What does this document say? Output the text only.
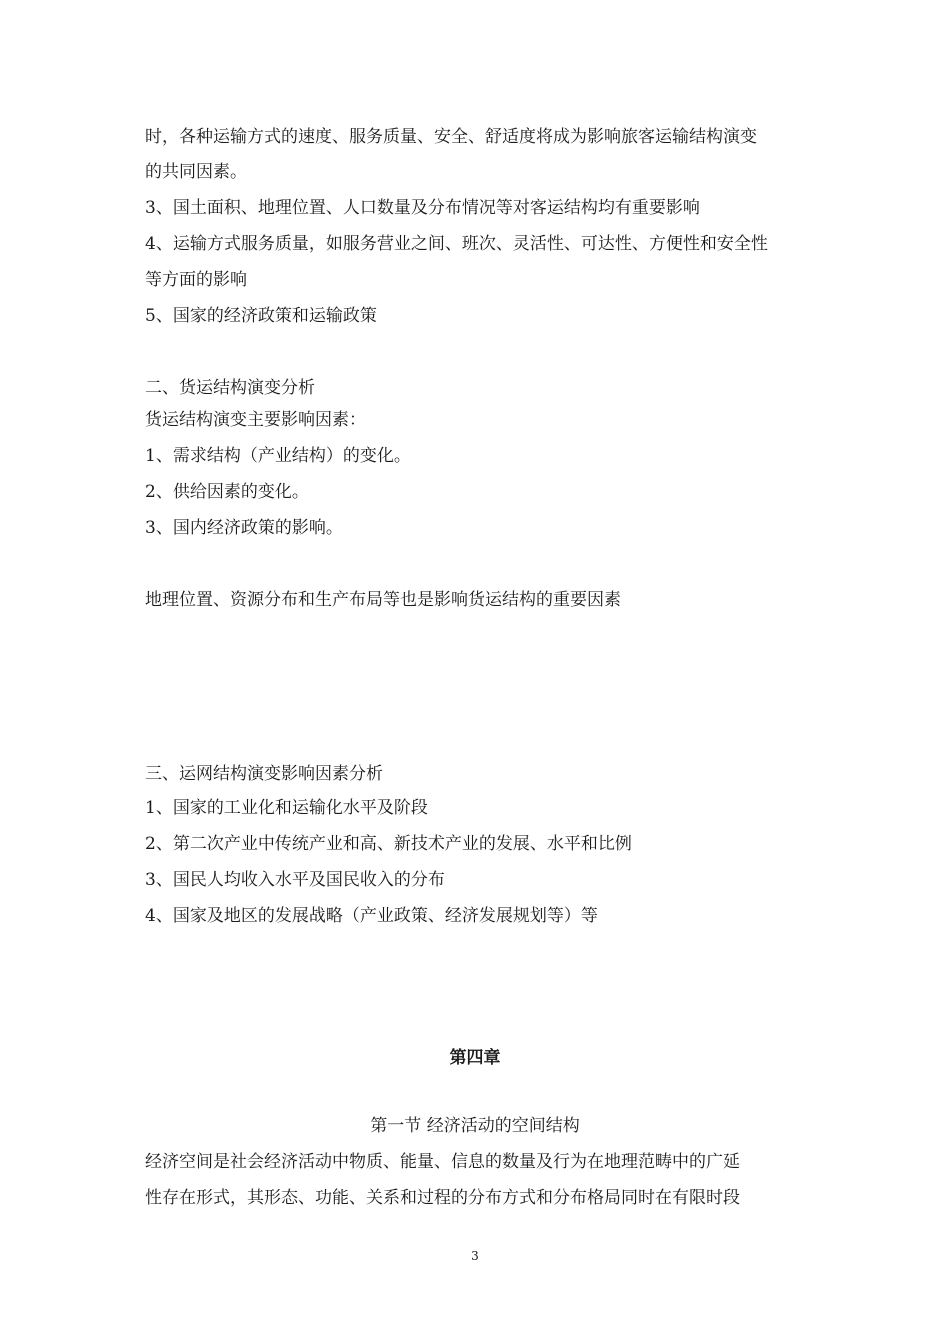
时，各种运输方式的速度、服务质量、安全、舒适度将成为影响旅客运输结构演变
的共同因素。
3、国土面积、地理位置、人口数量及分布情况等对客运结构均有重要影响
4、运输方式服务质量，如服务营业之间、班次、灵活性、可达性、方便性和安全性
等方面的影响
5、国家的经济政策和运输政策
二、货运结构演变分析
货运结构演变主要影响因素：
1、需求结构（产业结构）的变化。
2、供给因素的变化。
3、国内经济政策的影响。
地理位置、资源分布和生产布局等也是影响货运结构的重要因素
三、运网结构演变影响因素分析
1、国家的工业化和运输化水平及阶段
2、第二次产业中传统产业和高、新技术产业的发展、水平和比例
3、国民人均收入水平及国民收入的分布
4、国家及地区的发展战略（产业政策、经济发展规划等）等
第四章
第一节 经济活动的空间结构
经济空间是社会经济活动中物质、能量、信息的数量及行为在地理范畴中的广延
性存在形式，其形态、功能、关系和过程的分布方式和分布格局同时在有限时段
3
